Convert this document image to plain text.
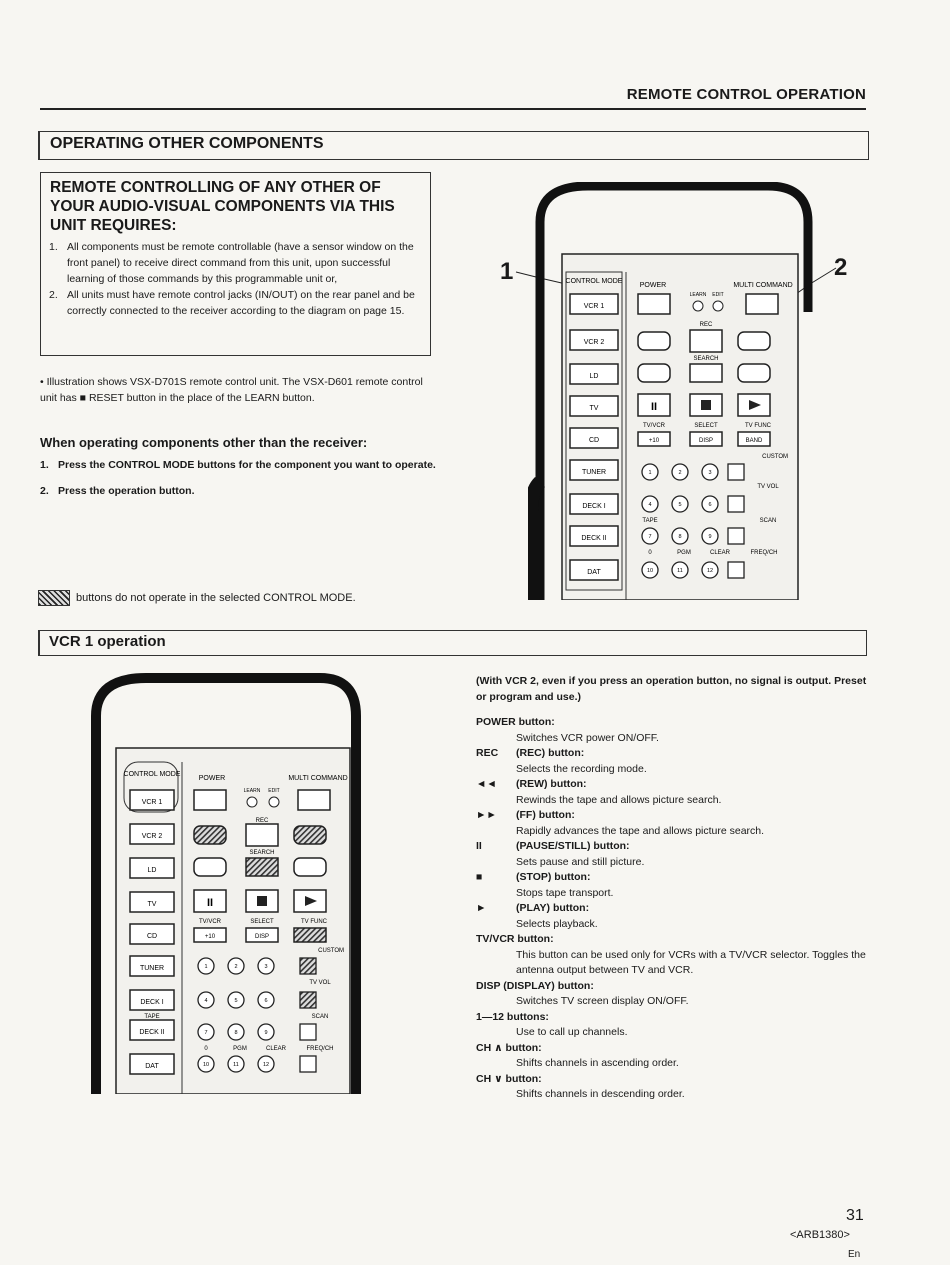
REMOTE CONTROL OPERATION
OPERATING OTHER COMPONENTS
REMOTE CONTROLLING OF ANY OTHER OF YOUR AUDIO-VISUAL COMPONENTS VIA THIS UNIT REQUIRES:
1. All components must be remote controllable (have a sensor window on the front panel) to receive direct command from this unit, upon successful learning of those commands by this programmable unit or,
2. All units must have remote control jacks (IN/OUT) on the rear panel and be correctly connected to the receiver according to the diagram on page 15.
• Illustration shows VSX-D701S remote control unit. The VSX-D601 remote control unit has ■ RESET button in the place of the LEARN button.
When operating components other than the receiver:
1. Press the CONTROL MODE buttons for the component you want to operate.
2. Press the operation button.
buttons do not operate in the selected CONTROL MODE.
1	2
CONTROL MODE
POWER	MULTI COMMAND
VCR 1
VCR 2
LD
TV
CD
TUNER
DECK I
DECK II
DAT
LEARN EDIT
REC
SEARCH
II
TV/VCR	SELECT	TV FUNC
+10	DISP	BAND
CUSTOM
1	2	3
4	5	6
7	8	9
10	11	12
TV VOL
TAPE	SCAN
0	PGM	CLEAR	FREQ/CH
VCR 1 operation
CONTROL MODE
POWER	MULTI COMMAND
VCR 1
VCR 2
LD
TV
CD
TUNER
DECK I
DECK II
DAT
LEARN EDIT
REC
SEARCH
II
TV/VCR	SELECT	TV FUNC
+10	DISP
CUSTOM
1	2	3
4	5	6
7	8	9
10	11	12
TV VOL
TAPE	SCAN
0	PGM	CLEAR	FREQ/CH
(With VCR 2, even if you press an operation button, no signal is output. Preset or program and use.)
POWER button:
Switches VCR power ON/OFF.
REC	(REC) button:
Selects the recording mode.
◄◄	(REW) button:
Rewinds the tape and allows picture search.
►►	(FF) button:
Rapidly advances the tape and allows picture search.
II	(PAUSE/STILL) button:
Sets pause and still picture.
■	(STOP) button:
Stops tape transport.
►	(PLAY) button:
Selects playback.
TV/VCR button:
This button can be used only for VCRs with a TV/VCR selector. Toggles the antenna output between TV and VCR.
DISP (DISPLAY) button:
Switches TV screen display ON/OFF.
1—12 buttons:
Use to call up channels.
CH ∧ button:
Shifts channels in ascending order.
CH ∨ button:
Shifts channels in descending order.
31
<ARB1380>
En
